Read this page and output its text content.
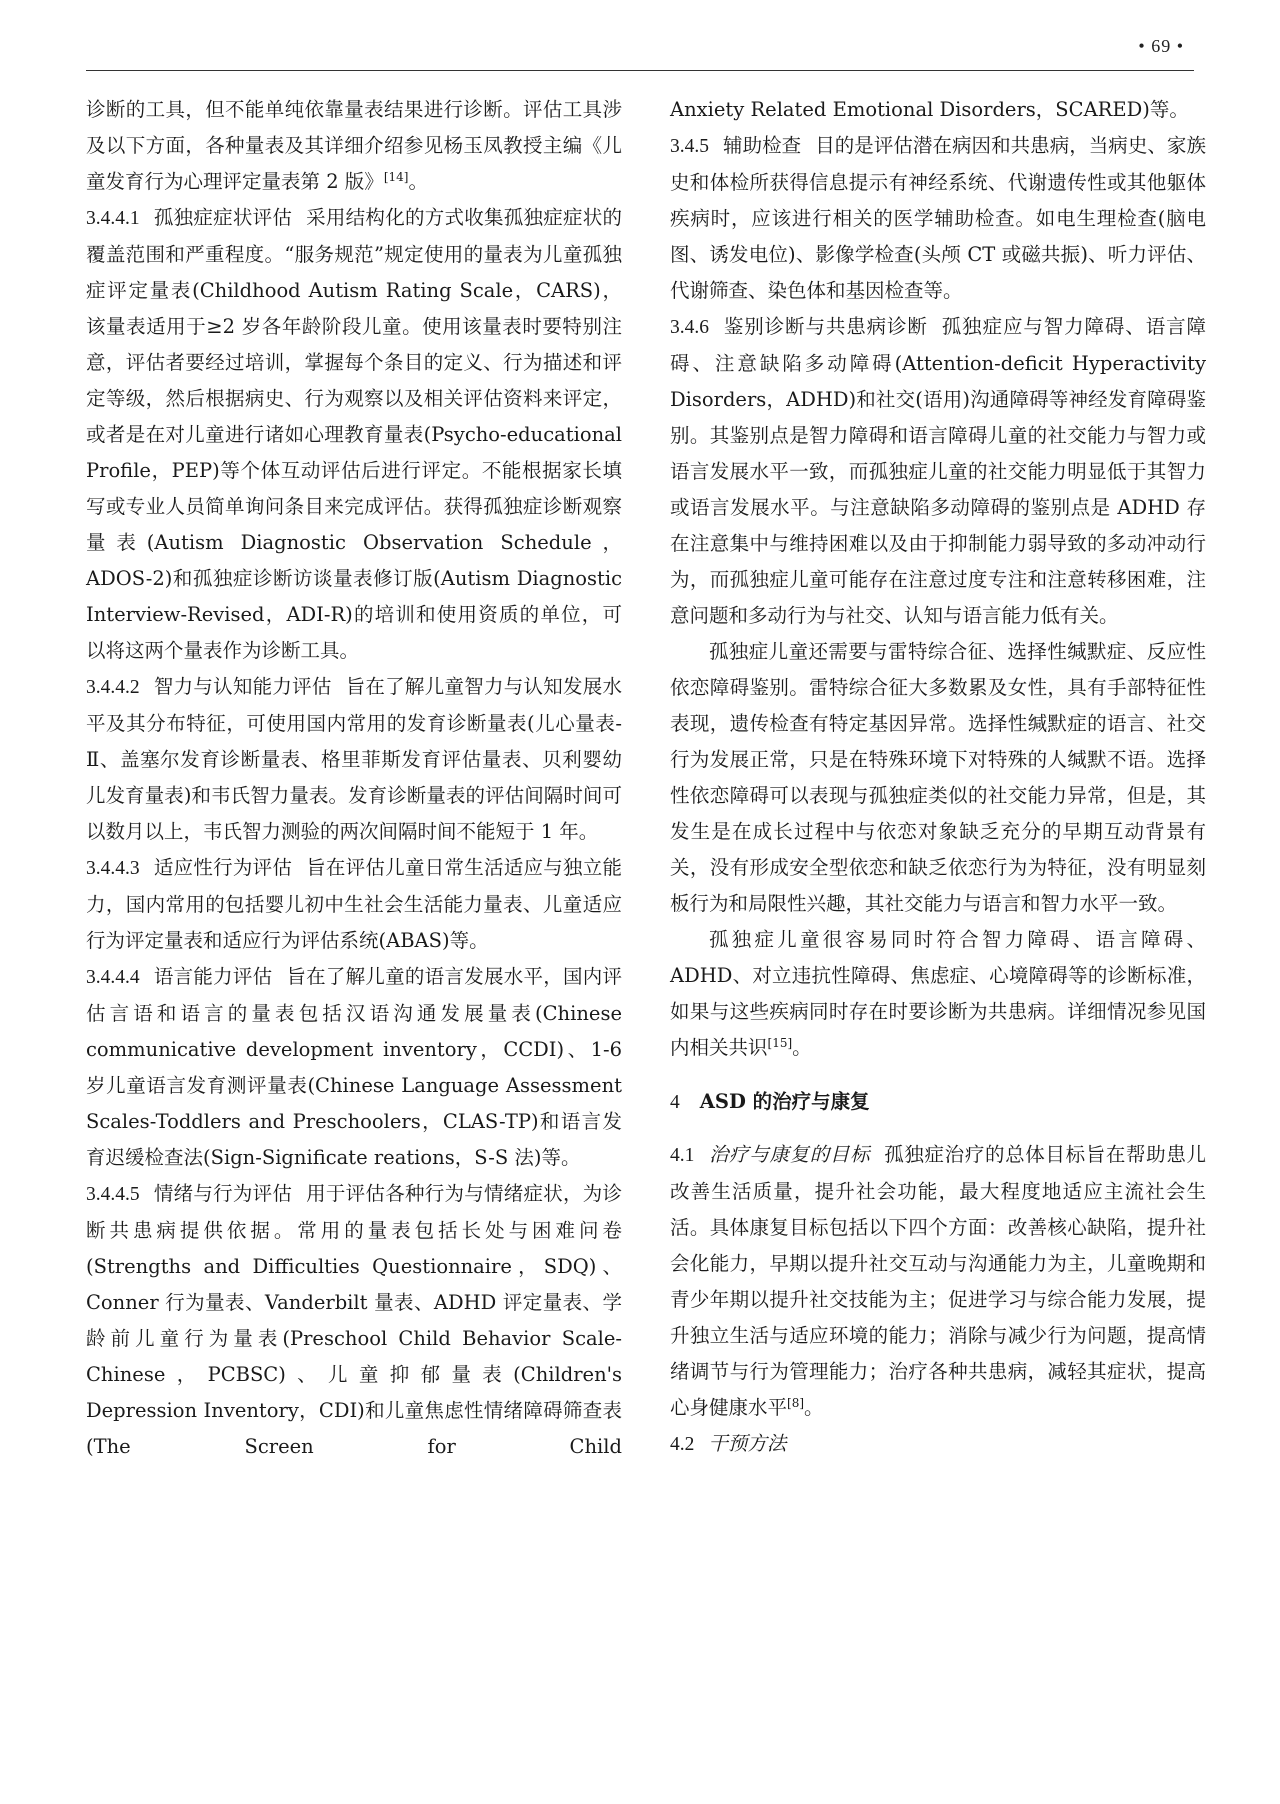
• 69 •

诊断的工具，但不能单纯依靠量表结果进行诊断。评估工具涉及以下方面，各种量表及其详细介绍参见杨玉凤教授主编《儿童发育行为心理评定量表第 2 版》[14]。

3.4.4.1 孤独症症状评估 采用结构化的方式收集孤独症症状的覆盖范围和严重程度。“服务规范”规定使用的量表为儿童孤独症评定量表(Childhood Autism Rating Scale，CARS)，该量表适用于≥2 岁各年龄阶段儿童。使用该量表时要特别注意，评估者要经过培训，掌握每个条目的定义、行为描述和评定等级，然后根据病史、行为观察以及相关评估资料来评定，或者是在对儿童进行诸如心理教育量表(Psycho-educational Profile，PEP)等个体互动评估后进行评定。不能根据家长填写或专业人员简单询问条目来完成评估。获得孤独症诊断观察量表(Autism Diagnostic Observation Schedule，ADOS-2)和孤独症诊断访谈量表修订版(Autism Diagnostic Interview-Revised，ADI-R)的培训和使用资质的单位，可以将这两个量表作为诊断工具。

3.4.4.2 智力与认知能力评估 旨在了解儿童智力与认知发展水平及其分布特征，可使用国内常用的发育诊断量表(儿心量表-Ⅱ、盖塞尔发育诊断量表、格里菲斯发育评估量表、贝利婴幼儿发育量表)和韦氏智力量表。发育诊断量表的评估间隔时间可以数月以上，韦氏智力测验的两次间隔时间不能短于 1 年。

3.4.4.3 适应性行为评估 旨在评估儿童日常生活适应与独立能力，国内常用的包括婴儿初中生社会生活能力量表、儿童适应行为评定量表和适应行为评估系统(ABAS)等。

3.4.4.4 语言能力评估 旨在了解儿童的语言发展水平，国内评估言语和语言的量表包括汉语沟通发展量表(Chinese communicative development inventory，CCDI)、1-6 岁儿童语言发育测评量表(Chinese Language Assessment Scales-Toddlers and Preschoolers，CLAS-TP)和语言发育迟缓检查法(Sign-Significate reations，S-S 法)等。

3.4.4.5 情绪与行为评估 用于评估各种行为与情绪症状，为诊断共患病提供依据。常用的量表包括长处与困难问卷(Strengths and Difficulties Questionnaire，SDQ)、Conner 行为量表、Vanderbilt 量表、ADHD 评定量表、学龄前儿童行为量表(Preschool Child Behavior Scale-Chinese，PCBSC)、儿童抑郁量表(Children's Depression Inventory，CDI)和儿童焦虑性情绪障碍筛查表(The Screen for Child

Anxiety Related Emotional Disorders，SCARED)等。

3.4.5 辅助检查 目的是评估潜在病因和共患病，当病史、家族史和体检所获得信息提示有神经系统、代谢遗传性或其他躯体疾病时，应该进行相关的医学辅助检查。如电生理检查(脑电图、诱发电位)、影像学检查(头颅 CT 或磁共振)、听力评估、代谢筛查、染色体和基因检查等。

3.4.6 鉴别诊断与共患病诊断 孤独症应与智力障碍、语言障碍、注意缺陷多动障碍(Attention-deficit Hyperactivity Disorders，ADHD)和社交(语用)沟通障碍等神经发育障碍鉴别。其鉴别点是智力障碍和语言障碍儿童的社交能力与智力或语言发展水平一致，而孤独症儿童的社交能力明显低于其智力或语言发展水平。与注意缺陷多动障碍的鉴别点是 ADHD 存在注意集中与维持困难以及由于抑制能力弱导致的多动冲动行为，而孤独症儿童可能存在注意过度专注和注意转移困难，注意问题和多动行为与社交、认知与语言能力低有关。

孤独症儿童还需要与雷特综合征、选择性缄默症、反应性依恋障碍鉴别。雷特综合征大多数累及女性，具有手部特征性表现，遗传检查有特定基因异常。选择性缄默症的语言、社交行为发展正常，只是在特殊环境下对特殊的人缄默不语。选择性依恋障碍可以表现与孤独症类似的社交能力异常，但是，其发生是在成长过程中与依恋对象缺乏充分的早期互动背景有关，没有形成安全型依恋和缺乏依恋行为为特征，没有明显刻板行为和局限性兴趣，其社交能力与语言和智力水平一致。

孤独症儿童很容易同时符合智力障碍、语言障碍、ADHD、对立违抗性障碍、焦虑症、心境障碍等的诊断标准，如果与这些疾病同时存在时要诊断为共患病。详细情况参见国内相关共识[15]。

4 ASD 的治疗与康复

4.1 治疗与康复的目标 孤独症治疗的总体目标旨在帮助患儿改善生活质量，提升社会功能，最大程度地适应主流社会生活。具体康复目标包括以下四个方面：改善核心缺陷，提升社会化能力，早期以提升社交互动与沟通能力为主，儿童晚期和青少年期以提升社交技能为主；促进学习与综合能力发展，提升独立生活与适应环境的能力；消除与减少行为问题，提高情绪调节与行为管理能力；治疗各种共患病，减轻其症状，提高心身健康水平[8]。

4.2 干预方法
